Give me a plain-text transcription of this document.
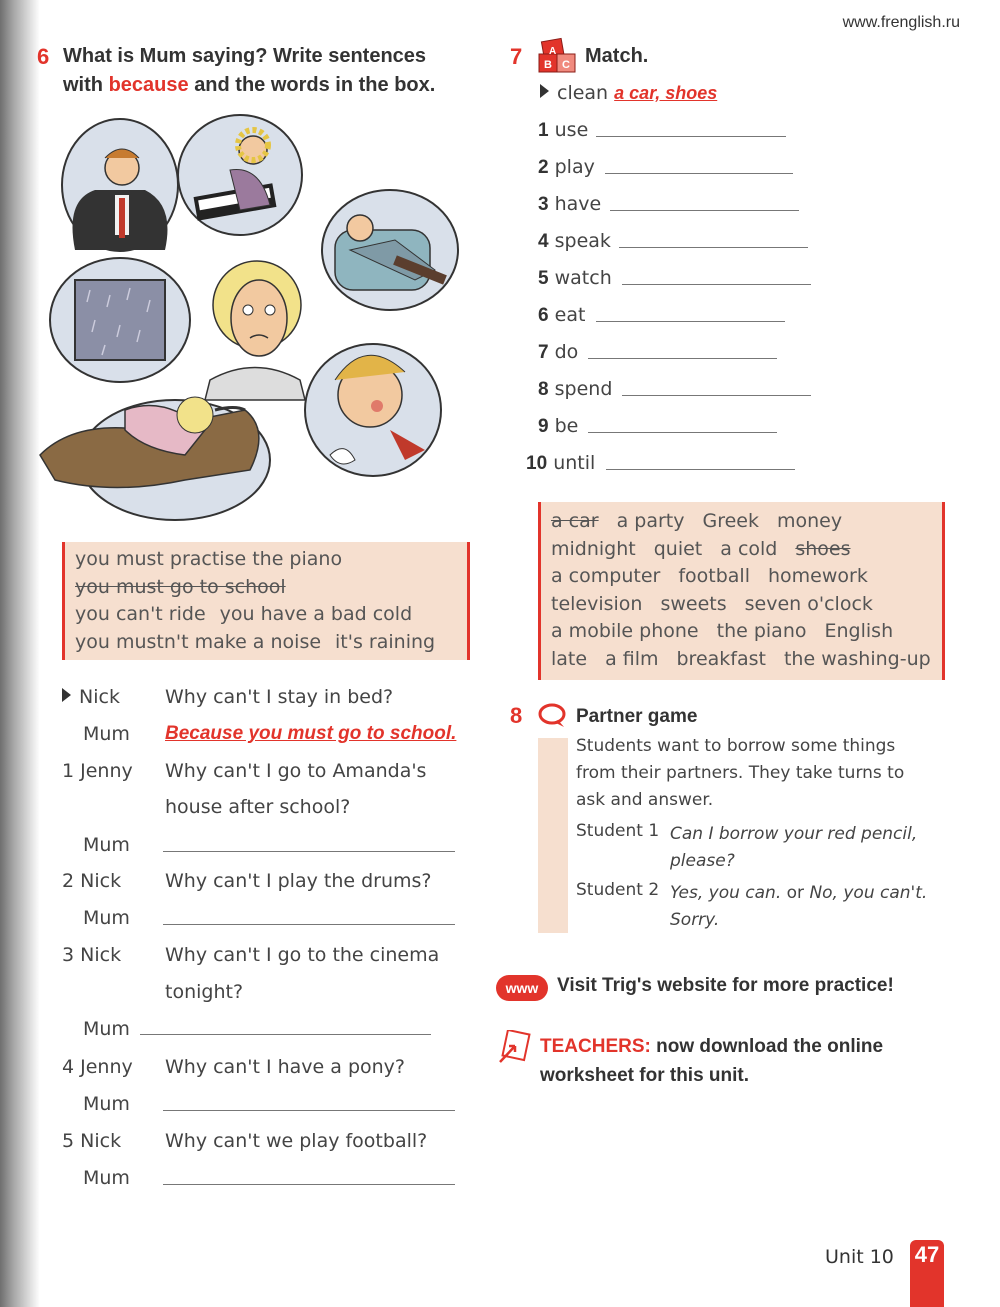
www.frenglish.ru
6 What is Mum saying? Write sentences
with because and the words in the box.
you must practise the piano
you must go to school
you can't ride you have a bad cold
you mustn't make a noise it's raining
Nick Why can't I stay in bed?
Mum Because you must go to school.
1 Jenny Why can't I go to Amanda's
house after school?
Mum
2 Nick Why can't I play the drums?
Mum
3 Nick Why can't I go to the cinema
tonight?
Mum
4 Jenny Why can't I have a pony?
Mum
5 Nick Why can't we play football?
Mum
7 B C
A Match.
clean a car, shoes
1 use
2 play
3 have
4 speak
5 watch
6 eat
7 do
8 spend
9 be
10 until
a car a party Greek money
midnight quiet a cold shoes
a computer football homework
television sweets seven o'clock
a mobile phone the piano English
late a film breakfast the washing-up
8	Partner game
Students want to borrow some things
from their partners. They take turns to
ask and answer.
Student 1 Can I borrow your red pencil,
please?
Student 2 Yes, you can. or No, you can't.
Sorry.
www Visit Trig's website for more practice!
TEACHERS: now download the online
worksheet for this unit.
Unit 10 47
